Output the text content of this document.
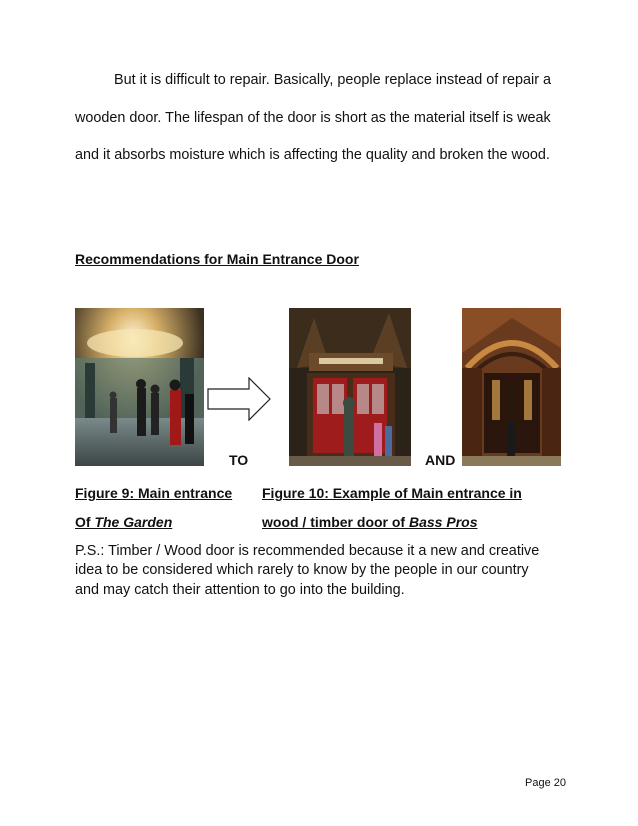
But it is difficult to repair. Basically, people replace instead of repair a
wooden door. The lifespan of the door is short as the material itself is weak
and it absorbs moisture which is affecting the quality and broken the wood.
Recommendations for Main Entrance Door
TO	AND
Figure 9: Main entrance
Of The Garden
Figure 10: Example of Main entrance in
wood / timber door of Bass Pros
P.S.: Timber / Wood door is recommended because it a new and creative
idea to be considered which rarely to know by the people in our country
and may catch their attention to go into the building.
Page 20
